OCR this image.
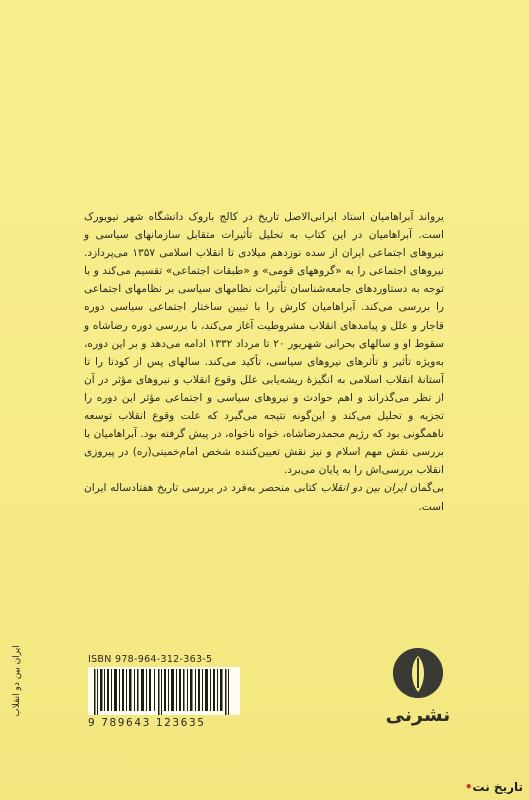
یرواند آبراهامیان استاد ایرانی‌الاصل تاریخ در کالج باروک دانشگاه شهر نیویورک است. آبراهامیان در این کتاب به تحلیل تأثیرات متقابل سازمانهای سیاسی و نیروهای اجتماعی ایران از سده نوزدهم میلادی تا انقلاب اسلامی ۱۳۵۷ می‌پردازد. نیروهای اجتماعی را به «گروههای قومی» و «طبقات اجتماعی» تقسیم می‌کند و با توجه به دستاوردهای جامعه‌شناسان تأثیرات نظامهای سیاسی بر نظامهای اجتماعی را بررسی می‌کند. آبراهامیان کارش را با تبیین ساختار اجتماعی سیاسی دوره قاجار و علل و پیامدهای انقلاب مشروطیت آغاز می‌کند، با بررسی دوره رضاشاه و سقوط او و سالهای بحرانی شهریور ۲۰ تا مرداد ۱۳۳۲ ادامه می‌دهد و بر این دوره، به‌ویژه تأثیر و تأثرهای نیروهای سیاسی، تأکید می‌کند. سالهای پس از کودتا را تا آستانهٔ انقلاب اسلامی به انگیزهٔ ریشه‌یابی علل وقوع انقلاب و نیروهای مؤثر در آن از نظر می‌گذراند و اهم حوادث و نیروهای سیاسی و اجتماعی مؤثر این دوره را تجزیه و تحلیل می‌کند و این‌گونه نتیجه می‌گیرد که علت وقوع انقلاب توسعه ناهمگونی بود که رژیم محمدرضاشاه، خواه ناخواه، در پیش گرفته بود. آبراهامیان با بررسی نقش مهم اسلام و نیز نقش تعیین‌کننده شخص امام‌خمینی(ره) در پیروزی انقلاب بررسی‌اش را به پایان می‌برد.

بی‌گمان ایران بین دو انقلاب کتابی منحصر به‌فرد در بررسی تاریخ هفتادساله ایران است.

ISBN 978-964-312-363-5
9 789643 123635	نشرنی
ایران بین دو انقلاب
تاریخ نت•
